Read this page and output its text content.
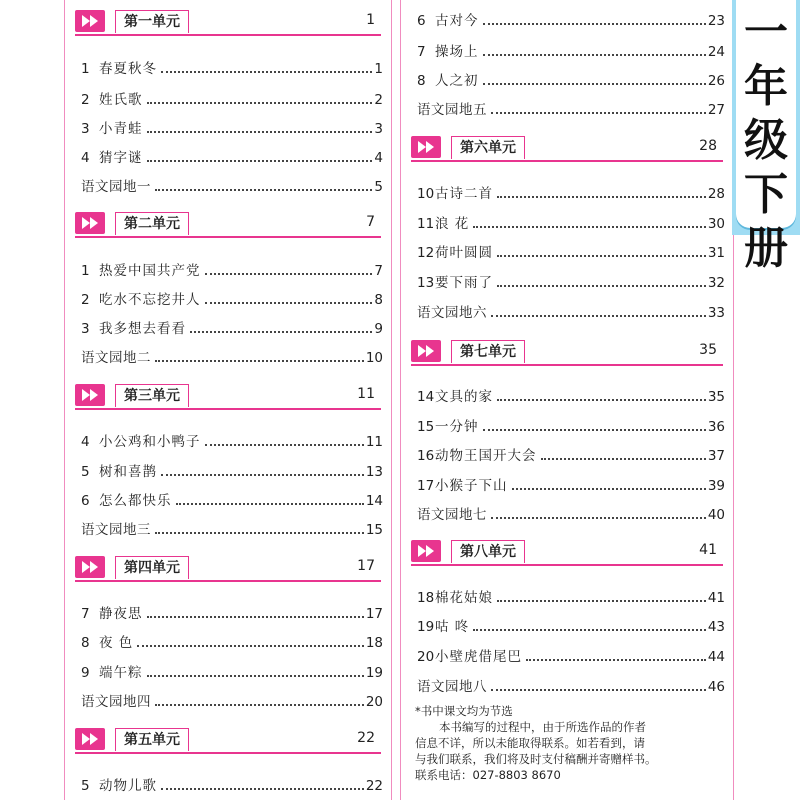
第一单元	1
1 春夏秋冬	1
2 姓氏歌	2
3 小青蛙	3
4 猜字谜	4
语文园地一	5
第二单元	7
1 热爱中国共产党	7
2 吃水不忘挖井人	8
3 我多想去看看	9
语文园地二	10
第三单元	11
4 小公鸡和小鸭子	11
5 树和喜鹊	13
6 怎么都快乐	14
语文园地三	15
第四单元	17
7 静夜思	17
8 夜 色	18
9 端午粽	19
语文园地四	20
第五单元	22
5 动物儿歌	22
6 古对今	23
7 操场上	24
8 人之初	26
语文园地五	27
第六单元	28
10 古诗二首	28
11 浪 花	30
12 荷叶圆圆	31
13 要下雨了	32
语文园地六	33
第七单元	35
14 文具的家	35
15 一分钟	36
16 动物王国开大会	37
17 小猴子下山	39
语文园地七	40
第八单元	41
18 棉花姑娘	41
19 咕 咚	43
20 小壁虎借尾巴	44
语文园地八	46
*书中课文均为节选
本书编写的过程中，由于所选作品的作者
信息不详，所以未能取得联系。如若看到，请
与我们联系，我们将及时支付稿酬并寄赠样书。
联系电话：027-8803 8670
一
年
级
下
册
